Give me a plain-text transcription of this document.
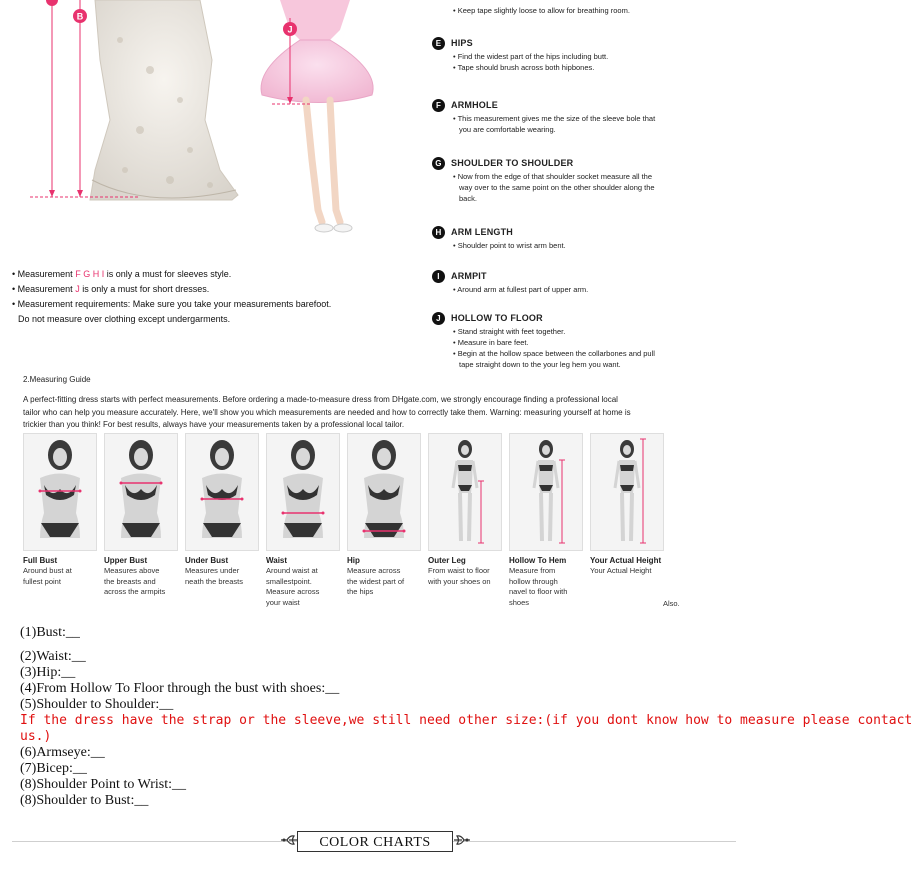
B
J
• Measurement F G H I is only a must for sleeves style.
• Measurement J is only a must for short dresses.
• Measurement requirements: Make sure you take your measurements barefoot.
Do not measure over clothing except undergarments.
• Keep tape slightly loose to allow for breathing room.
E HIPS
• Find the widest part of the hips including butt.
• Tape should brush across both hipbones.
F ARMHOLE
• This measurement gives me the size of the sleeve bole that
you are comfortable wearing.
G SHOULDER TO SHOULDER
• Now from the edge of that shoulder socket measure all the
way over to the same point on the other shoulder along the
back.
H ARM LENGTH
• Shoulder point to wrist arm bent.
I ARMPIT
• Around arm at fullest part of upper arm.
J HOLLOW TO FLOOR
• Stand straight with feet together.
• Measure in bare feet.
• Begin at the hollow space between the collarbones and pull
tape straight down to the your leg hem you want.
2.Measuring Guide
A perfect-fitting dress starts with perfect measurements. Before ordering a made-to-measure dress from DHgate.com, we strongly encourage finding a professional local
tailor who can help you measure accurately. Here, we'll show you which measurements are needed and how to correctly take them. Warning: measuring yourself at home is
trickier than you think! For best results, always have your measurements taken by a professional local tailor.
Full Bust
Around bust at
fullest point
Upper Bust
Measures above
the breasts and
across the armpits
Under Bust
Measures under
neath the breasts
Waist
Around waist at
smallestpoint.
Measure across
your waist
Hip
Measure across
the widest part of
the hips
Outer Leg
From waist to floor
with your shoes on
Hollow To Hem
Measure from
hollow through
navel to floor with
shoes
Your Actual Height
Your Actual Height
Also.
(1)Bust:__
(2)Waist:__
(3)Hip:__
(4)From Hollow To Floor through the bust with shoes:__
(5)Shoulder to Shoulder:__
If the dress have the strap or the sleeve,we still need other size:(if you dont know how to measure please contact
us.)
(6)Armseye:__
(7)Bicep:__
(8)Shoulder Point to Wrist:__
(8)Shoulder to Bust:__
COLOR CHARTS
